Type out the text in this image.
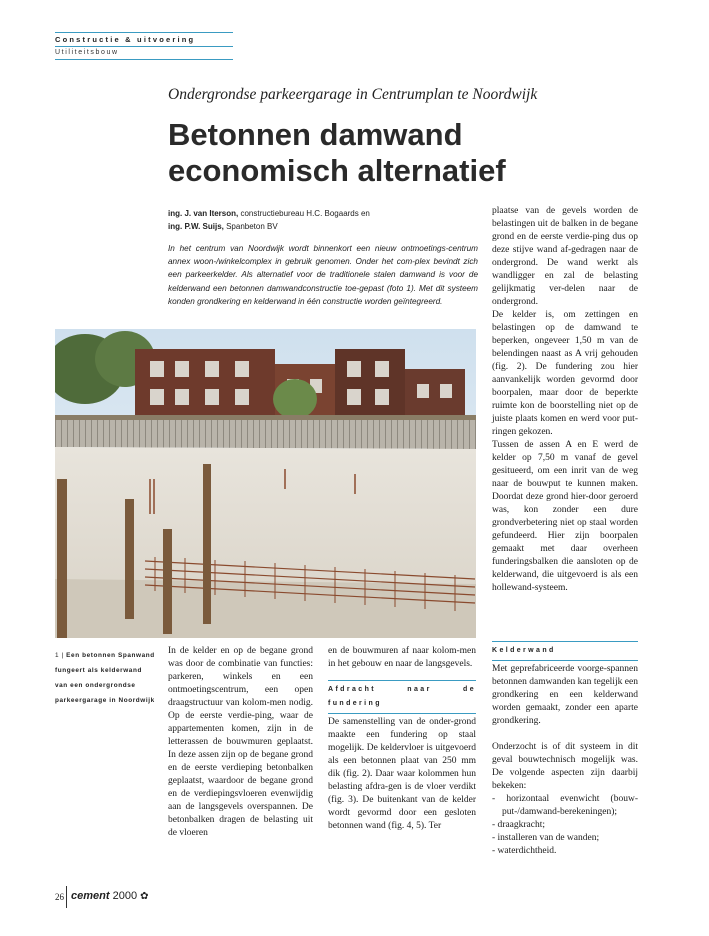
Constructie & uitvoering
Utiliteitsbouw
Ondergrondse parkeergarage in Centrumplan te Noordwijk
Betonnen damwand
economisch alternatief
ing. J. van Iterson, constructiebureau H.C. Bogaards en
ing. P.W. Suijs, Spanbeton BV
In het centrum van Noordwijk wordt binnenkort een nieuw ontmoetings-centrum annex woon-/winkelcomplex in gebruik genomen. Onder het com-plex bevindt zich een parkeerkelder. Als alternatief voor de traditionele stalen damwand is voor de kelderwand een betonnen damwandconstructie toe-gepast (foto 1). Met dit systeem konden grondkering en kelderwand in één constructie worden geïntegreerd.

plaatse van de gevels worden de belastingen uit de balken in de begane grond en de eerste verdie-ping dus op deze stijve wand af-gedragen naar de ondergrond. De wand werkt als wandligger en zal de belasting gelijkmatig ver-delen naar de ondergrond.

De kelder is, om zettingen en belastingen op de damwand te beperken, ongeveer 1,50 m van de belendingen naast as A vrij gehouden (fig. 2). De fundering zou hier aanvankelijk worden gevormd door boorpalen, maar door de beperkte ruimte kon de boorstelling niet op de juiste plaats komen en werd voor put-ringen gekozen.

Tussen de assen A en E werd de kelder op 7,50 m vanaf de gevel gesitueerd, om een inrit van de weg naar de bouwput te kunnen maken. Doordat deze grond hier-door geroerd was, kon zonder een dure grondverbetering niet op staal worden gefundeerd. Hier zijn boorpalen gemaakt met daar overheen funderingsbalken die aansloten op de kelderwand, die uitgevoerd is als een hollewand-systeem.

1 | Een betonnen Spanwand fungeert als kelderwand van een ondergrondse parkeergarage in Noordwijk

In de kelder en op de begane grond was door de combinatie van functies: parkeren, winkels en een ontmoetingscentrum, een open draagstructuur van kolom-men nodig. Op de eerste verdie-ping, waar de appartementen komen, zijn in de letterassen de bouwmuren geplaatst. In deze assen zijn op de begane grond en de eerste verdieping betonbalken geplaatst, waardoor de begane grond en de verdiepingsvloeren evenwijdig aan de langsgevels overspannen. De betonbalken dragen de belasting uit de vloeren

en de bouwmuren af naar kolom-men in het gebouw en naar de langsgevels.

Afdracht naar de fundering

De samenstelling van de onder-grond maakte een fundering op staal mogelijk. De keldervloer is uitgevoerd als een betonnen plaat van 250 mm dik (fig. 2). Daar waar kolommen hun belasting afdra-gen is de vloer verdikt (fig. 3). De buitenkant van de kelder wordt gevormd door een gesloten betonnen wand (fig. 4, 5). Ter

Kelderwand

Met geprefabriceerde voorge-spannen betonnen damwanden kan tegelijk een grondkering en een kelderwand worden gemaakt, zonder een aparte grondkering.

Onderzocht is of dit systeem in dit geval bouwtechnisch mogelijk was. De volgende aspecten zijn daarbij bekeken:

- horizontaal evenwicht (bouw-put-/damwand-berekeningen);
- draagkracht;
- installeren van de wanden;
- waterdichtheid.
26 cement 2000 ✿
